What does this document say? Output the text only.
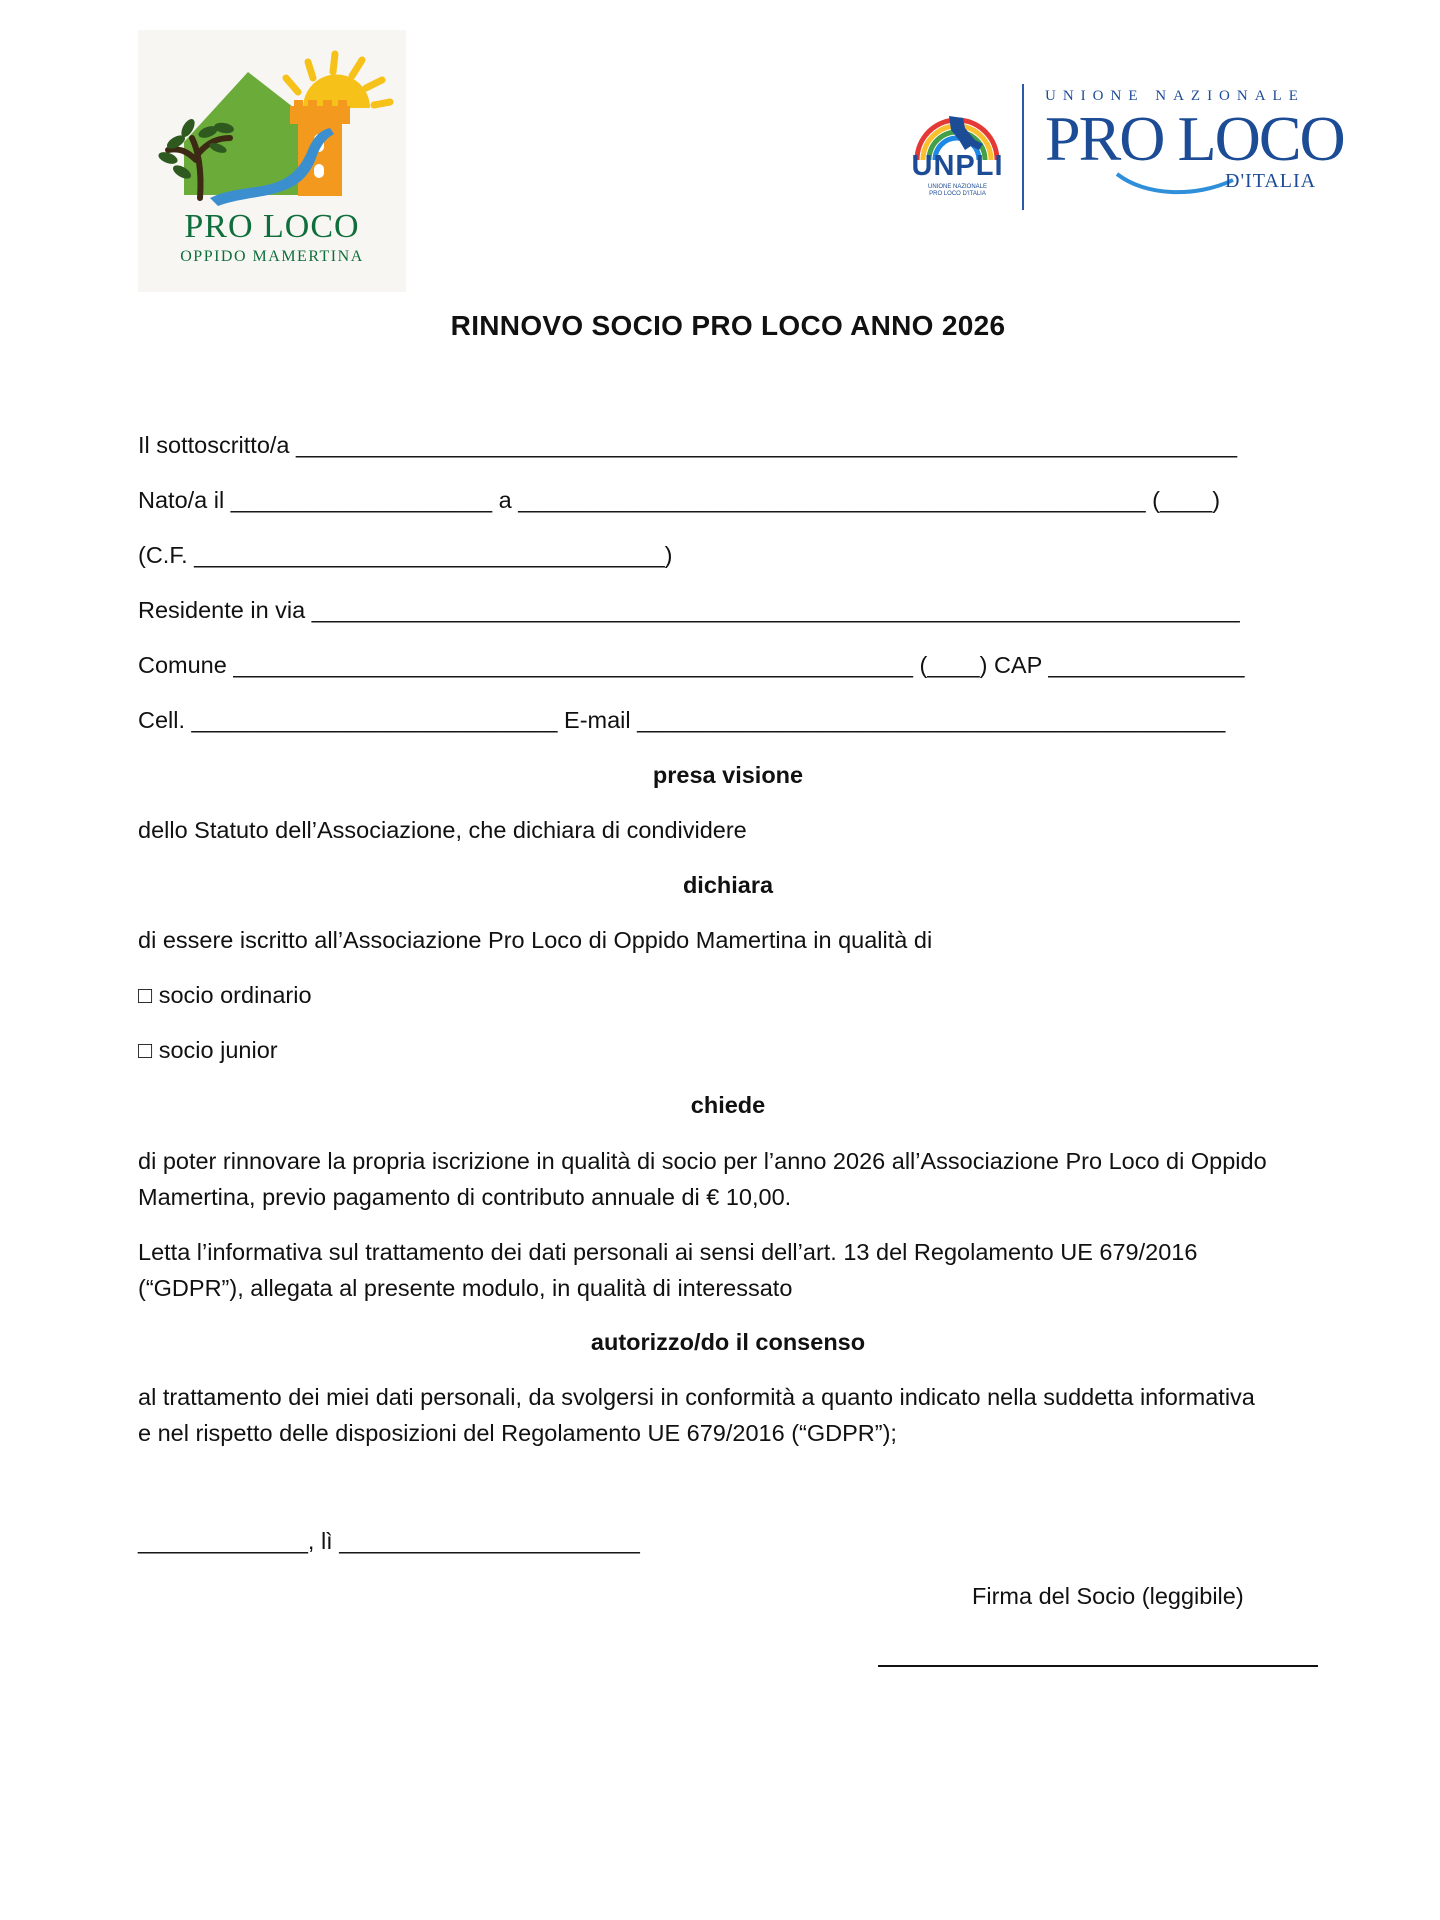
PRO LOCO
OPPIDO MAMERTINA
UNPLI
UNIONE NAZIONALE
PRO LOCO D'ITALIA
UNIONE NAZIONALE
PRO LOCO
D'ITALIA
RINNOVO SOCIO PRO LOCO ANNO 2026
Il sottoscritto/a ________________________________________________________________________
Nato/a il ____________________ a ________________________________________________ (____)
(C.F. ____________________________________)
Residente in via _______________________________________________________________________
Comune ____________________________________________________ (____) CAP _______________
Cell. ____________________________ E-mail _____________________________________________
presa visione
dello Statuto dell’Associazione, che dichiara di condividere
dichiara
di essere iscritto all’Associazione Pro Loco di Oppido Mamertina in qualità di
□ socio ordinario
□ socio junior
chiede
di poter rinnovare la propria iscrizione in qualità di socio per l’anno 2026 all’Associazione Pro Loco di Oppido Mamertina, previo pagamento di contributo annuale di € 10,00.
Letta l’informativa sul trattamento dei dati personali ai sensi dell’art. 13 del Regolamento UE 679/2016 (“GDPR”), allegata al presente modulo, in qualità di interessato
autorizzo/do il consenso
al trattamento dei miei dati personali, da svolgersi in conformità a quanto indicato nella suddetta informativa e nel rispetto delle disposizioni del Regolamento UE 679/2016 (“GDPR”);
_____________, lì _______________________
Firma del Socio (leggibile)
